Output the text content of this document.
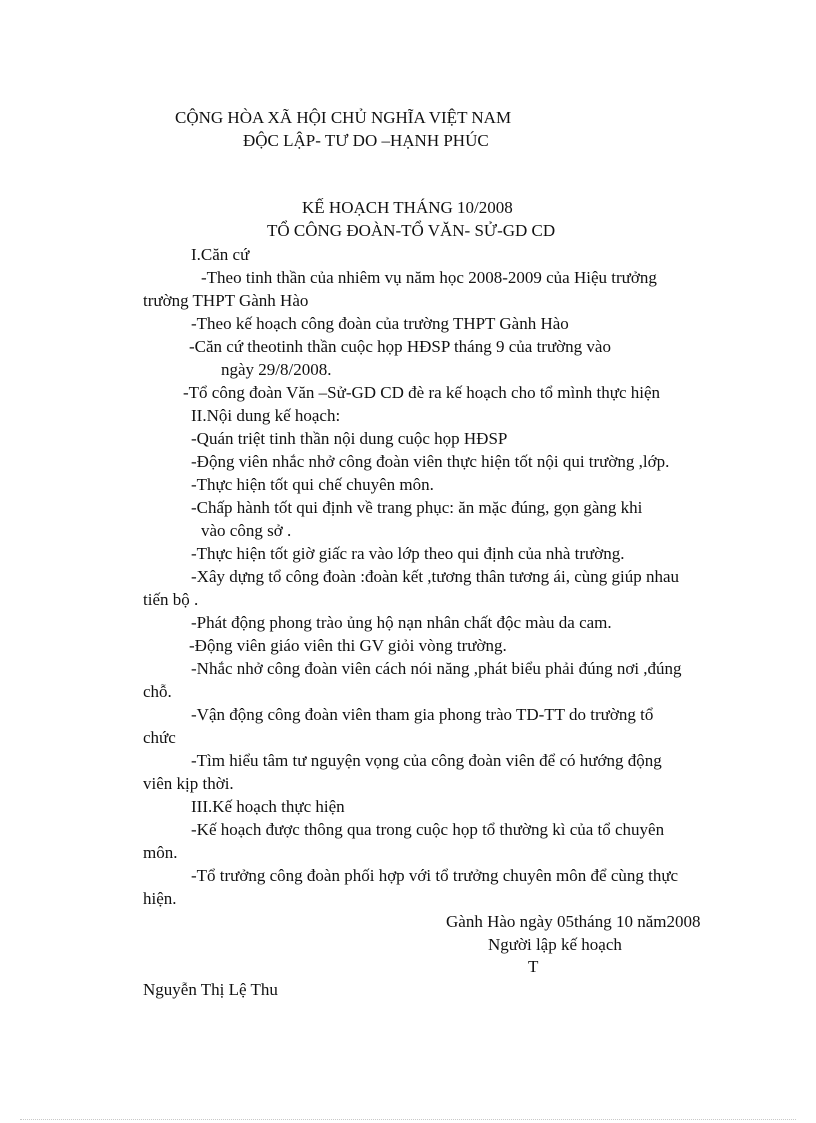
CỘNG HÒA XÃ HỘI CHỦ NGHĨA VIỆT NAM
ĐỘC LẬP- TƯ DO –HẠNH PHÚC
KẾ HOẠCH THÁNG 10/2008
TỔ CÔNG ĐOÀN-TỔ VĂN- SỬ-GD CD
I.Căn cứ
-Theo tinh thần của nhiêm vụ năm học 2008-2009 của Hiệu trưởng
trường THPT Gành Hào
-Theo kế hoạch công đoàn của trường THPT Gành Hào
-Căn cứ theotinh thần cuộc họp HĐSP tháng 9 của trường vào
ngày 29/8/2008.
-Tổ công đoàn Văn –Sử-GD CD đè ra kế hoạch cho tổ mình thực hiện
II.Nội dung kế hoạch:
-Quán triệt tinh thần nội dung cuộc họp HĐSP
-Động viên nhắc nhở công đoàn viên thực hiện tốt nội qui trường ,lớp.
-Thực hiện tốt qui chế chuyên môn.
-Chấp hành tốt qui định về trang phục: ăn mặc đúng, gọn gàng khi
vào công sở .
-Thực hiện tốt giờ giấc ra vào lớp theo qui định của nhà trường.
-Xây dựng tổ công đoàn :đoàn kết ,tương thân tương ái, cùng giúp nhau
tiến bộ .
-Phát động phong trào ủng hộ nạn nhân chất độc màu da cam.
-Động viên giáo viên thi GV giỏi vòng trường.
-Nhắc nhở công đoàn viên cách nói năng ,phát biểu phải đúng nơi ,đúng
chỗ.
-Vận động công đoàn viên tham gia phong trào TD-TT do trường tổ
chức
-Tìm hiểu tâm tư nguyện vọng của công đoàn viên để có hướng động
viên kịp thời.
III.Kế hoạch thực hiện
-Kế hoạch được thông qua trong cuộc họp tổ thường kì của tổ chuyên
môn.
-Tổ trưởng công đoàn phối hợp với tổ trưởng chuyên môn để cùng thực
hiện.
Gành Hào ngày 05tháng 10 năm2008
Người lập kế hoạch
T
Nguyễn Thị Lệ Thu
